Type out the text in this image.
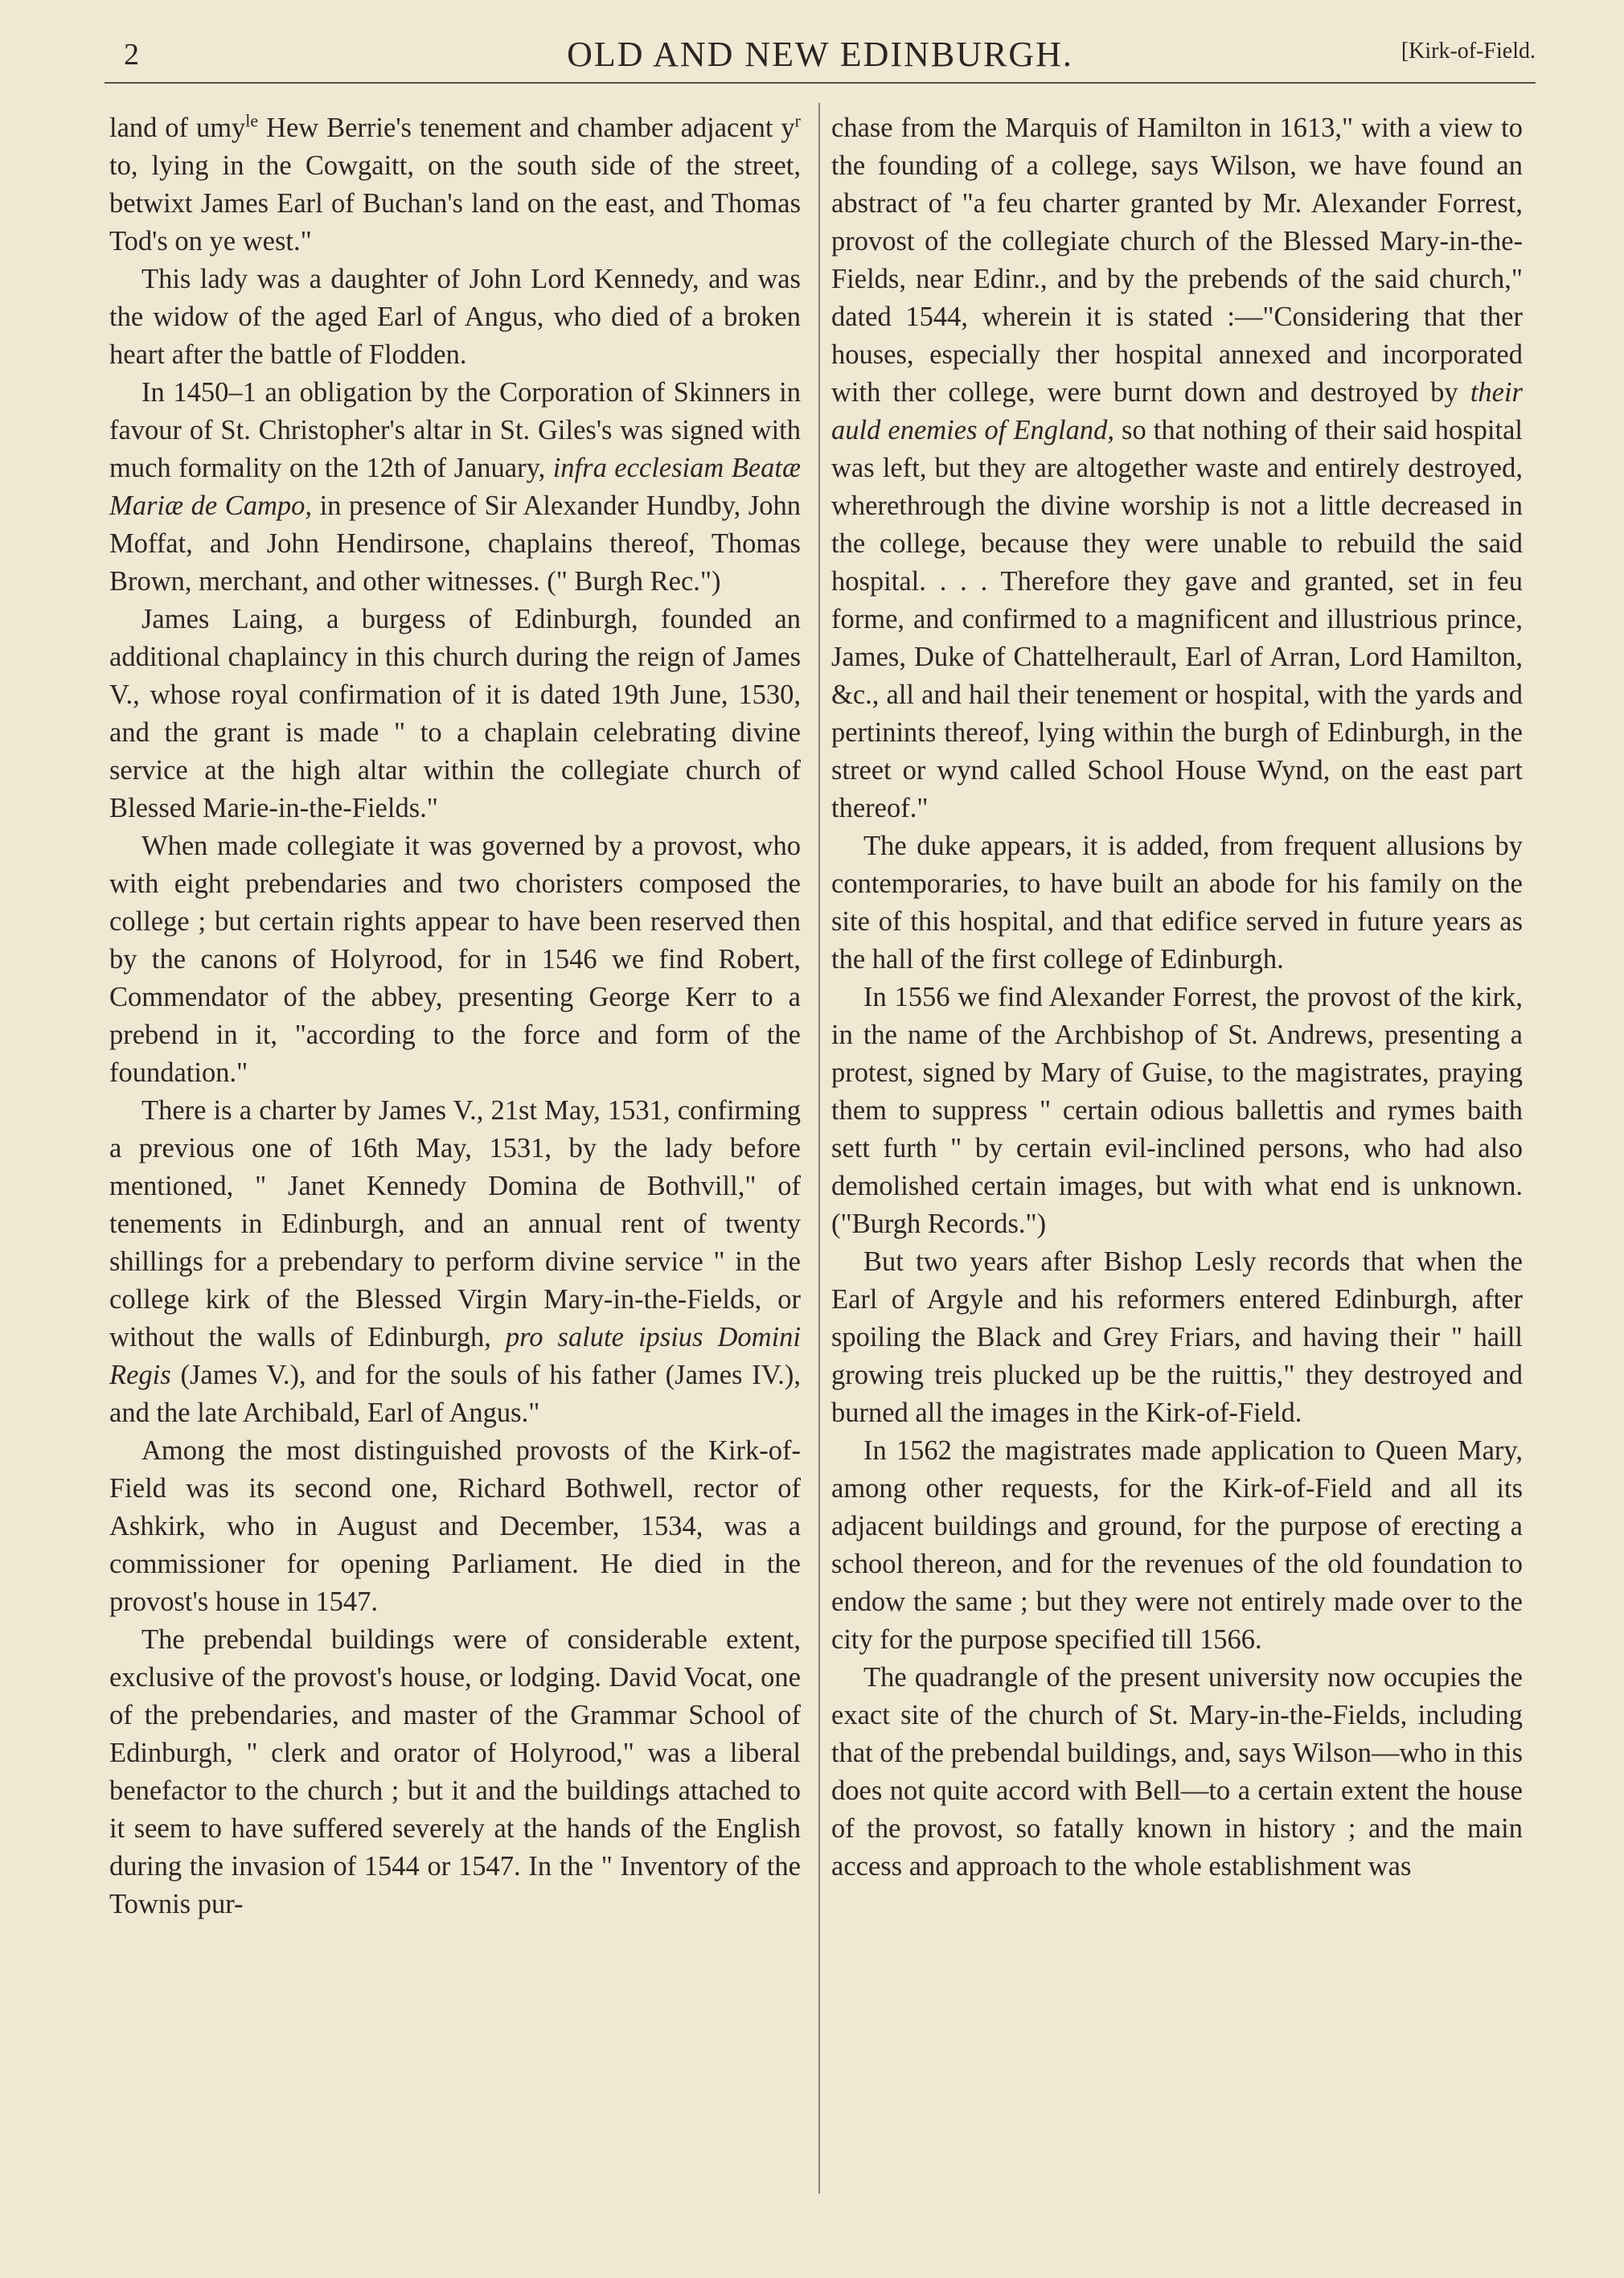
2	OLD AND NEW EDINBURGH.	[Kirk-of-Field.

land of umy$^{le}$ Hew Berrie's tenement and chamber adjacent $y^r$ to, lying in the Cowgaitt, on the south side of the street, betwixt James Earl of Buchan's land on the east, and Thomas Tod's on ye west."

This lady was a daughter of John Lord Kennedy, and was the widow of the aged Earl of Angus, who died of a broken heart after the battle of Flodden.

In 1450–1 an obligation by the Corporation of Skinners in favour of St. Christopher's altar in St. Giles's was signed with much formality on the 12th of January, infra ecclesiam Beatæ Mariæ de Campo, in presence of Sir Alexander Hundby, John Moffat, and John Hendirsone, chaplains thereof, Thomas Brown, merchant, and other witnesses. (" Burgh Rec.")

James Laing, a burgess of Edinburgh, founded an additional chaplaincy in this church during the reign of James V., whose royal confirmation of it is dated 19th June, 1530, and the grant is made " to a chaplain celebrating divine service at the high altar within the collegiate church of Blessed Marie-in-the-Fields."

When made collegiate it was governed by a provost, who with eight prebendaries and two choristers composed the college ; but certain rights appear to have been reserved then by the canons of Holyrood, for in 1546 we find Robert, Commendator of the abbey, presenting George Kerr to a prebend in it, "according to the force and form of the foundation."

There is a charter by James V., 21st May, 1531, confirming a previous one of 16th May, 1531, by the lady before mentioned, " Janet Kennedy Domina de Bothvill," of tenements in Edinburgh, and an annual rent of twenty shillings for a prebendary to perform divine service " in the college kirk of the Blessed Virgin Mary-in-the-Fields, or without the walls of Edinburgh, pro salute ipsius Domini Regis (James V.), and for the souls of his father (James IV.), and the late Archibald, Earl of Angus."

Among the most distinguished provosts of the Kirk-of-Field was its second one, Richard Bothwell, rector of Ashkirk, who in August and December, 1534, was a commissioner for opening Parliament. He died in the provost's house in 1547.

The prebendal buildings were of considerable extent, exclusive of the provost's house, or lodging. David Vocat, one of the prebendaries, and master of the Grammar School of Edinburgh, " clerk and orator of Holyrood," was a liberal benefactor to the church ; but it and the buildings attached to it seem to have suffered severely at the hands of the English during the invasion of 1544 or 1547. In the " Inventory of the Townis pur-

chase from the Marquis of Hamilton in 1613," with a view to the founding of a college, says Wilson, we have found an abstract of "a feu charter granted by Mr. Alexander Forrest, provost of the collegiate church of the Blessed Mary-in-the-Fields, near Edinr., and by the prebends of the said church," dated 1544, wherein it is stated :—"Considering that ther houses, especially ther hospital annexed and incorporated with ther college, were burnt down and destroyed by their auld enemies of England, so that nothing of their said hospital was left, but they are altogether waste and entirely destroyed, wherethrough the divine worship is not a little decreased in the college, because they were unable to rebuild the said hospital. . . . Therefore they gave and granted, set in feu forme, and confirmed to a magnificent and illustrious prince, James, Duke of Chattelherault, Earl of Arran, Lord Hamilton, &c., all and hail their tenement or hospital, with the yards and pertinints thereof, lying within the burgh of Edinburgh, in the street or wynd called School House Wynd, on the east part thereof."

The duke appears, it is added, from frequent allusions by contemporaries, to have built an abode for his family on the site of this hospital, and that edifice served in future years as the hall of the first college of Edinburgh.

In 1556 we find Alexander Forrest, the provost of the kirk, in the name of the Archbishop of St. Andrews, presenting a protest, signed by Mary of Guise, to the magistrates, praying them to suppress " certain odious ballettis and rymes baith sett furth " by certain evil-inclined persons, who had also demolished certain images, but with what end is unknown. ("Burgh Records.")

But two years after Bishop Lesly records that when the Earl of Argyle and his reformers entered Edinburgh, after spoiling the Black and Grey Friars, and having their " haill growing treis plucked up be the ruittis," they destroyed and burned all the images in the Kirk-of-Field.

In 1562 the magistrates made application to Queen Mary, among other requests, for the Kirk-of-Field and all its adjacent buildings and ground, for the purpose of erecting a school thereon, and for the revenues of the old foundation to endow the same ; but they were not entirely made over to the city for the purpose specified till 1566.

The quadrangle of the present university now occupies the exact site of the church of St. Mary-in-the-Fields, including that of the prebendal buildings, and, says Wilson—who in this does not quite accord with Bell—to a certain extent the house of the provost, so fatally known in history ; and the main access and approach to the whole establishment was
